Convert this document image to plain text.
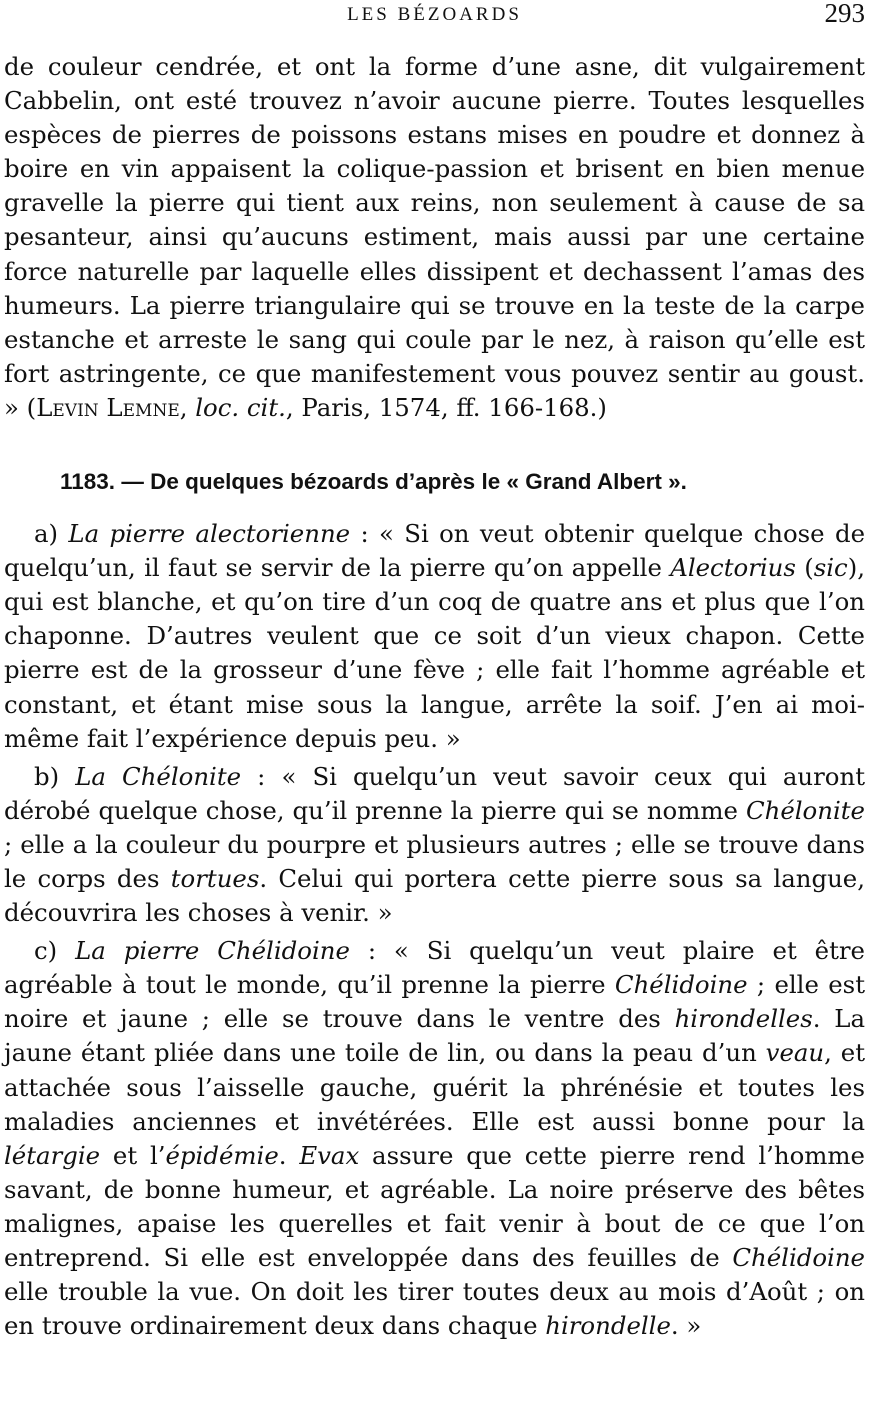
LES BÉZOARDS	293

de couleur cendrée, et ont la forme d’une asne, dit vulgairement Cabbelin, ont esté trouvez n’avoir aucune pierre. Toutes lesquelles espèces de pierres de poissons estans mises en poudre et donnez à boire en vin appaisent la colique-passion et brisent en bien menue gravelle la pierre qui tient aux reins, non seulement à cause de sa pesanteur, ainsi qu’aucuns estiment, mais aussi par une certaine force naturelle par laquelle elles dissipent et dechassent l’amas des humeurs. La pierre triangulaire qui se trouve en la teste de la carpe estanche et arreste le sang qui coule par le nez, à raison qu’elle est fort astringente, ce que manifestement vous pouvez sentir au goust. » (Levin Lemne, loc. cit., Paris, 1574, ff. 166-168.)

1183. — De quelques bézoards d’après le « Grand Albert ».

a) La pierre alectorienne : « Si on veut obtenir quelque chose de quelqu’un, il faut se servir de la pierre qu’on appelle Alectorius (sic), qui est blanche, et qu’on tire d’un coq de quatre ans et plus que l’on chaponne. D’autres veulent que ce soit d’un vieux chapon. Cette pierre est de la grosseur d’une fève ; elle fait l’homme agréable et constant, et étant mise sous la langue, arrête la soif. J’en ai moi-même fait l’expérience depuis peu. »

b) La Chélonite : « Si quelqu’un veut savoir ceux qui auront dérobé quelque chose, qu’il prenne la pierre qui se nomme Chélonite ; elle a la couleur du pourpre et plusieurs autres ; elle se trouve dans le corps des tortues. Celui qui portera cette pierre sous sa langue, découvrira les choses à venir. »

c) La pierre Chélidoine : « Si quelqu’un veut plaire et être agréable à tout le monde, qu’il prenne la pierre Chélidoine ; elle est noire et jaune ; elle se trouve dans le ventre des hirondelles. La jaune étant pliée dans une toile de lin, ou dans la peau d’un veau, et attachée sous l’aisselle gauche, guérit la phrénésie et toutes les maladies anciennes et invétérées. Elle est aussi bonne pour la létargie et l’épidémie. Evax assure que cette pierre rend l’homme savant, de bonne humeur, et agréable. La noire préserve des bêtes malignes, apaise les querelles et fait venir à bout de ce que l’on entreprend. Si elle est enveloppée dans des feuilles de Chélidoine elle trouble la vue. On doit les tirer toutes deux au mois d’Août ; on en trouve ordinairement deux dans chaque hirondelle. »
